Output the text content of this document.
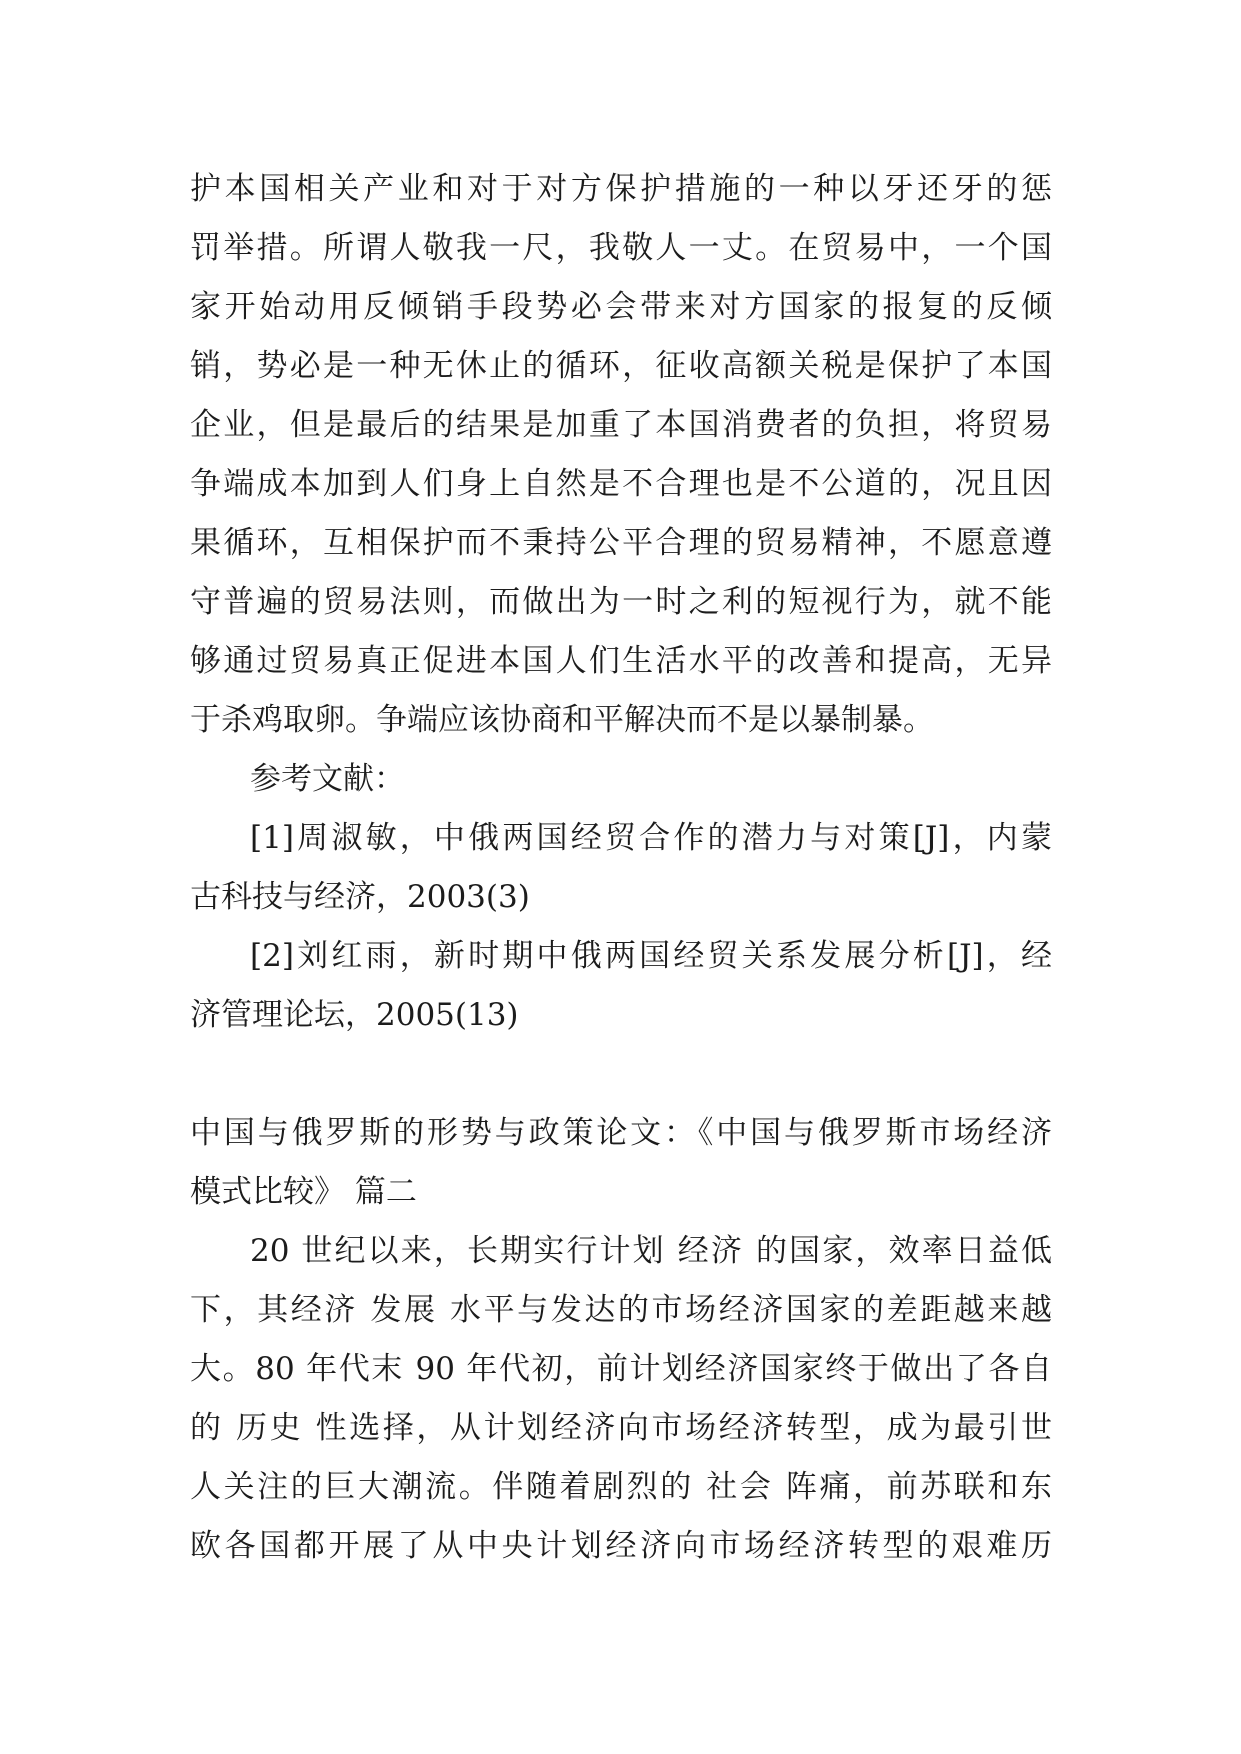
护本国相关产业和对于对方保护措施的一种以牙还牙的惩
罚举措。所谓人敬我一尺，我敬人一丈。在贸易中，一个国
家开始动用反倾销手段势必会带来对方国家的报复的反倾
销，势必是一种无休止的循环，征收高额关税是保护了本国
企业，但是最后的结果是加重了本国消费者的负担，将贸易
争端成本加到人们身上自然是不合理也是不公道的，况且因
果循环，互相保护而不秉持公平合理的贸易精神，不愿意遵
守普遍的贸易法则，而做出为一时之利的短视行为，就不能
够通过贸易真正促进本国人们生活水平的改善和提高，无异
于杀鸡取卵。争端应该协商和平解决而不是以暴制暴。
参考文献：
[1]周淑敏，中俄两国经贸合作的潜力与对策[J]，内蒙
古科技与经济，2003(3)
[2]刘红雨，新时期中俄两国经贸关系发展分析[J]，经
济管理论坛，2005(13)
中国与俄罗斯的形势与政策论文：《中国与俄罗斯市场经济
模式比较》 篇二
20 世纪以来，长期实行计划 经济 的国家，效率日益低
下，其经济 发展 水平与发达的市场经济国家的差距越来越
大。80 年代末 90 年代初，前计划经济国家终于做出了各自
的 历史 性选择，从计划经济向市场经济转型，成为最引世
人关注的巨大潮流。伴随着剧烈的 社会 阵痛，前苏联和东
欧各国都开展了从中央计划经济向市场经济转型的艰难历
